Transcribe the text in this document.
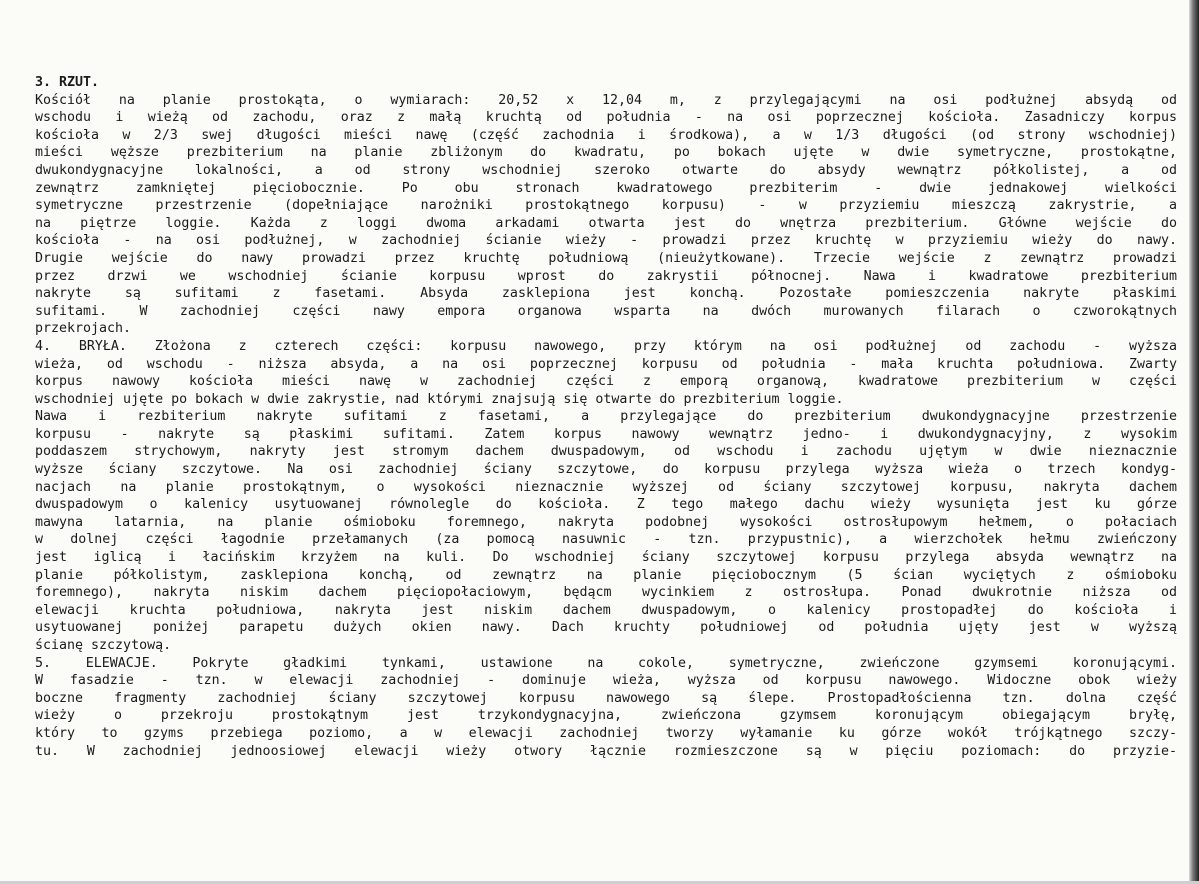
3. RZUT.
Kościół na planie prostokąta, o wymiarach: 20,52 x 12,04 m, z przylegającymi na osi podłużnej absydą od
wschodu i wieżą od zachodu, oraz z małą kruchtą od południa - na osi poprzecznej kościoła. Zasadniczy korpus
kościoła w 2/3 swej długości mieści nawę (część zachodnia i środkowa), a w 1/3 długości (od strony wschodniej)
mieści węższe prezbiterium na planie zbliżonym do kwadratu, po bokach ujęte w dwie symetryczne, prostokątne,
dwukondygnacyjne lokalności, a od strony wschodniej szeroko otwarte do absydy wewnątrz półkolistej, a od
zewnątrz zamkniętej pięciobocznie. Po obu stronach kwadratowego prezbiterim - dwie jednakowej wielkości
symetryczne przestrzenie (dopełniające narożniki prostokątnego korpusu) - w przyziemiu mieszczą zakrystrie, a
na piętrze loggie. Każda z loggi dwoma arkadami otwarta jest do wnętrza prezbiterium. Główne wejście do
kościoła - na osi podłużnej, w zachodniej ścianie wieży - prowadzi przez kruchtę w przyziemiu wieży do nawy.
Drugie wejście do nawy prowadzi przez kruchtę południową (nieużytkowane). Trzecie wejście z zewnątrz prowadzi
przez drzwi we wschodniej ścianie korpusu wprost do zakrystii północnej. Nawa i kwadratowe prezbiterium
nakryte są sufitami z fasetami. Absyda zasklepiona jest konchą. Pozostałe pomieszczenia nakryte płaskimi
sufitami. W zachodniej części nawy empora organowa wsparta na dwóch murowanych filarach o czworokątnych
przekrojach.
4. BRYŁA. Złożona z czterech części: korpusu nawowego, przy którym na osi podłużnej od zachodu - wyższa
wieża, od wschodu - niższa absyda, a na osi poprzecznej korpusu od południa - mała kruchta południowa. Zwarty
korpus nawowy kościoła mieści nawę w zachodniej części z emporą organową, kwadratowe prezbiterium w części
wschodniej ujęte po bokach w dwie zakrystie, nad którymi znajsują się otwarte do prezbiterium loggie.
Nawa i rezbiterium nakryte sufitami z fasetami, a przylegające do prezbiterium dwukondygnacyjne przestrzenie
korpusu - nakryte są płaskimi sufitami. Zatem korpus nawowy wewnątrz jedno- i dwukondygnacyjny, z wysokim
poddaszem strychowym, nakryty jest stromym dachem dwuspadowym, od wschodu i zachodu ujętym w dwie nieznacznie
wyższe ściany szczytowe. Na osi zachodniej ściany szczytowe, do korpusu przylega wyższa wieża o trzech kondyg-
nacjach na planie prostokątnym, o wysokości nieznacznie wyższej od ściany szczytowej korpusu, nakryta dachem
dwuspadowym o kalenicy usytuowanej równolegle do kościoła. Z tego małego dachu wieży wysunięta jest ku górze
mawyna latarnia, na planie ośmioboku foremnego, nakryta podobnej wysokości ostrosłupowym hełmem, o połaciach
w dolnej części łagodnie przełamanych (za pomocą nasuwnic - tzn. przypustnic), a wierzchołek hełmu zwieńczony
jest iglicą i łacińskim krzyżem na kuli. Do wschodniej ściany szczytowej korpusu przylega absyda wewnątrz na
planie półkolistym, zasklepiona konchą, od zewnątrz na planie pięciobocznym (5 ścian wyciętych z ośmioboku
foremnego), nakryta niskim dachem pięciopołaciowym, będącm wycinkiem z ostrosłupa. Ponad dwukrotnie niższa od
elewacji kruchta południowa, nakryta jest niskim dachem dwuspadowym, o kalenicy prostopadłej do kościoła i
usytuowanej poniżej parapetu dużych okien nawy. Dach kruchty południowej od południa ujęty jest w wyższą
ścianę szczytową.
5. ELEWACJE. Pokryte gładkimi tynkami, ustawione na cokole, symetryczne, zwieńczone gzymsemi koronującymi.
W fasadzie - tzn. w elewacji zachodniej - dominuje wieża, wyższa od korpusu nawowego. Widoczne obok wieży
boczne fragmenty zachodniej ściany szczytowej korpusu nawowego są ślepe. Prostopadłościenna tzn. dolna część
wieży o przekroju prostokątnym jest trzykondygnacyjna, zwieńczona gzymsem koronującym obiegającym bryłę,
który to gzyms przebiega poziomo, a w elewacji zachodniej tworzy wyłamanie ku górze wokół trójkątnego szczy-
tu. W zachodniej jednoosiowej elewacji wieży otwory łącznie rozmieszczone są w pięciu poziomach: do przyzie-
